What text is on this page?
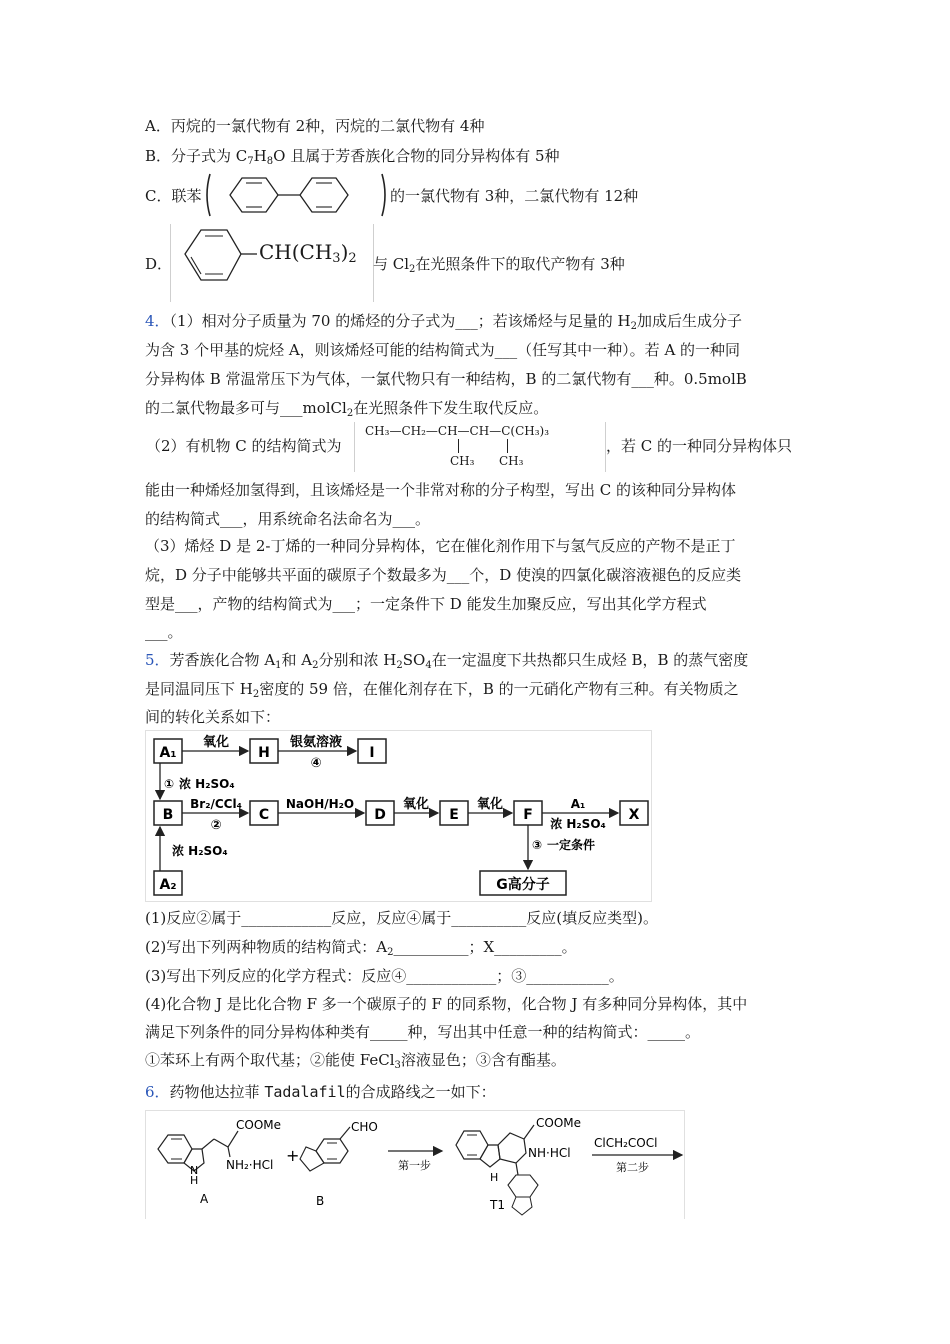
A．丙烷的一氯代物有 2种，丙烷的二氯代物有 4种
B．分子式为 $C_7H_8O$ 且属于芳香族化合物的同分异构体有 5种
C．联苯	的一氯代物有 3种，二氯代物有 12种
D．	$CH(CH_3)_2$ 与 $Cl_2$在光照条件下的取代产物有 3种
4．（1）相对分子质量为 70 的烯烃的分子式为___；若该烯烃与足量的 $H_2$加成后生成分子
为含 3 个甲基的烷烃 A，则该烯烃可能的结构简式为___（任写其中一种）。若 A 的一种同
分异构体 B 常温常压下为气体，一氯代物只有一种结构，B 的二氯代物有___种。0.5molB
的二氯代物最多可与___molCl$_2$在光照条件下发生取代反应。
（2）有机物 C 的结构简式为
CH₃—CH₂—CH—CH—C(CH₃)₃
CH₃ CH₃
，若 C 的一种同分异构体只
能由一种烯烃加氢得到，且该烯烃是一个非常对称的分子构型，写出 C 的该种同分异构体
的结构简式___，用系统命名法命名为___。
（3）烯烃 D 是 2-丁烯的一种同分异构体，它在催化剂作用下与氢气反应的产物不是正丁
烷，D 分子中能够共平面的碳原子个数最多为___个，D 使溴的四氯化碳溶液褪色的反应类
型是___，产物的结构简式为___；一定条件下 D 能发生加聚反应，写出其化学方程式
___。
5．芳香族化合物 $A_1$和 $A_2$分别和浓 $H_2SO_4$在一定温度下共热都只生成烃 B，B 的蒸气密度
是同温同压下 $H_2$密度的 59 倍，在催化剂存在下，B 的一元硝化产物有三种。有关物质之
间的转化关系如下：
A₁
氧化
H
银氨溶液
④
I
① 浓 H₂SO₄
B
Br₂/CCl₄
②
C
NaOH/H₂O
D
氧化
E
氧化
F
A₁
浓 H₂SO₄
X
③ 一定条件
G高分子
浓 H₂SO₄
A₂
(1)反应②属于____________反应，反应④属于__________反应(填反应类型)。
(2)写出下列两种物质的结构简式：$A_2\_\_\_\_\_\_\_\_\_\_$；X_________。
(3)写出下列反应的化学方程式：反应④____________；③___________。
(4)化合物 J 是比化合物 F 多一个碳原子的 F 的同系物，化合物 J 有多种同分异构体，其中
满足下列条件的同分异构体种类有_____种，写出其中任意一种的结构简式：_____。
①苯环上有两个取代基；②能使 FeCl$_3$溶液显色；③含有酯基。
6．药物他达拉菲 Tadalafil的合成路线之一如下：
H
N
COOMe
NH₂·HCl
A
+
CHO
B
第一步
H
COOMe
NH·HCl
T1
ClCH₂COCl
第二步
